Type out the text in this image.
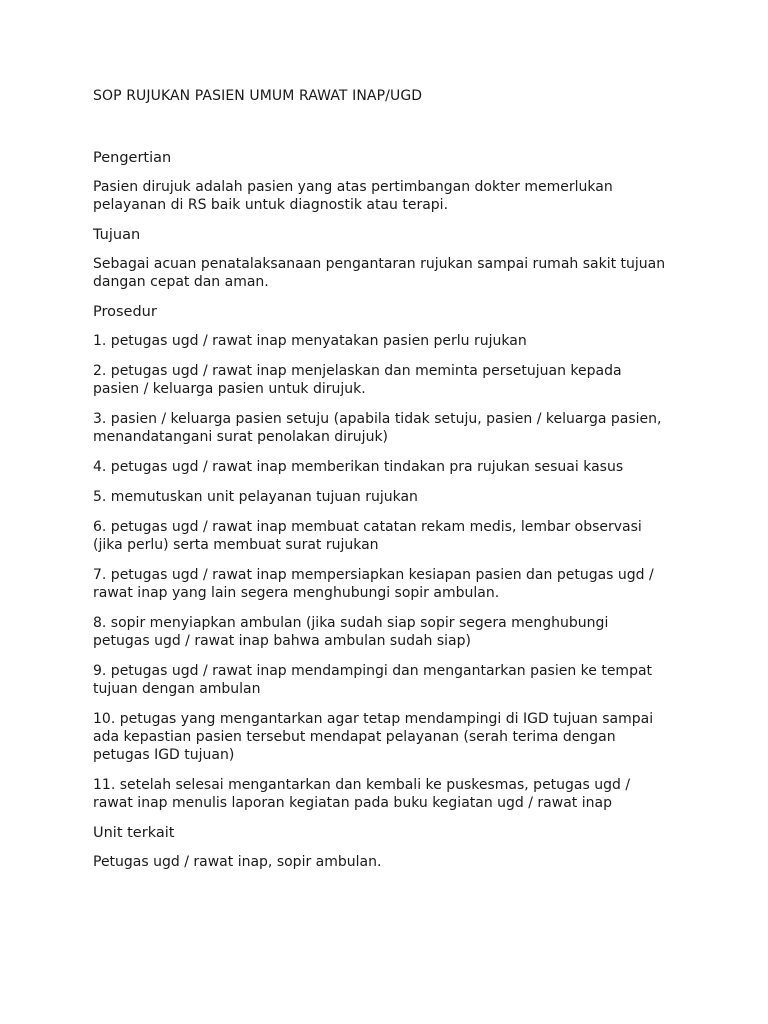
SOP RUJUKAN PASIEN UMUM RAWAT INAP/UGD
Pengertian

Pasien dirujuk adalah pasien yang atas pertimbangan dokter memerlukan
pelayanan di RS baik untuk diagnostik atau terapi.

Tujuan

Sebagai acuan penatalaksanaan pengantaran rujukan sampai rumah sakit tujuan
dangan cepat dan aman.

Prosedur
1. petugas ugd / rawat inap menyatakan pasien perlu rujukan
2. petugas ugd / rawat inap menjelaskan dan meminta persetujuan kepada
pasien / keluarga pasien untuk dirujuk.
3. pasien / keluarga pasien setuju (apabila tidak setuju, pasien / keluarga pasien,
menandatangani surat penolakan dirujuk)
4. petugas ugd / rawat inap memberikan tindakan pra rujukan sesuai kasus
5. memutuskan unit pelayanan tujuan rujukan
6. petugas ugd / rawat inap membuat catatan rekam medis, lembar observasi
(jika perlu) serta membuat surat rujukan
7. petugas ugd / rawat inap mempersiapkan kesiapan pasien dan petugas ugd /
rawat inap yang lain segera menghubungi sopir ambulan.
8. sopir menyiapkan ambulan (jika sudah siap sopir segera menghubungi
petugas ugd / rawat inap bahwa ambulan sudah siap)
9. petugas ugd / rawat inap mendampingi dan mengantarkan pasien ke tempat
tujuan dengan ambulan
10. petugas yang mengantarkan agar tetap mendampingi di IGD tujuan sampai
ada kepastian pasien tersebut mendapat pelayanan (serah terima dengan
petugas IGD tujuan)
11. setelah selesai mengantarkan dan kembali ke puskesmas, petugas ugd /
rawat inap menulis laporan kegiatan pada buku kegiatan ugd / rawat inap
Unit terkait

Petugas ugd / rawat inap, sopir ambulan.
